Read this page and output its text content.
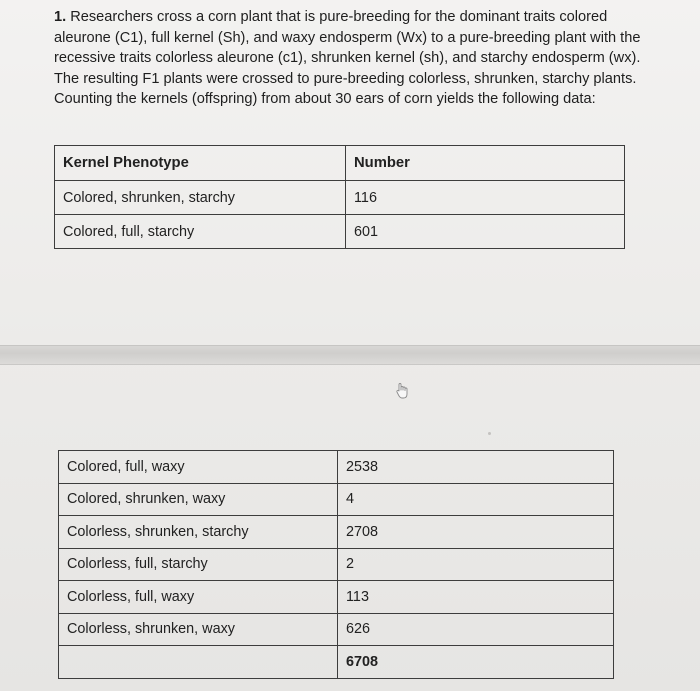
1. Researchers cross a corn plant that is pure-breeding for the dominant traits colored aleurone (C1), full kernel (Sh), and waxy endosperm (Wx) to a pure-breeding plant with the recessive traits colorless aleurone (c1), shrunken kernel (sh), and starchy endosperm (wx). The resulting F1 plants were crossed to pure-breeding colorless, shrunken, starchy plants. Counting the kernels (offspring) from about 30 ears of corn yields the following data:

Kernel Phenotype	Number
Colored, shrunken, starchy	116
Colored, full, starchy	601
Colored, full, waxy	2538
Colored, shrunken, waxy	4
Colorless, shrunken, starchy	2708
Colorless, full, starchy	2
Colorless, full, waxy	113
Colorless, shrunken, waxy	626
	6708
